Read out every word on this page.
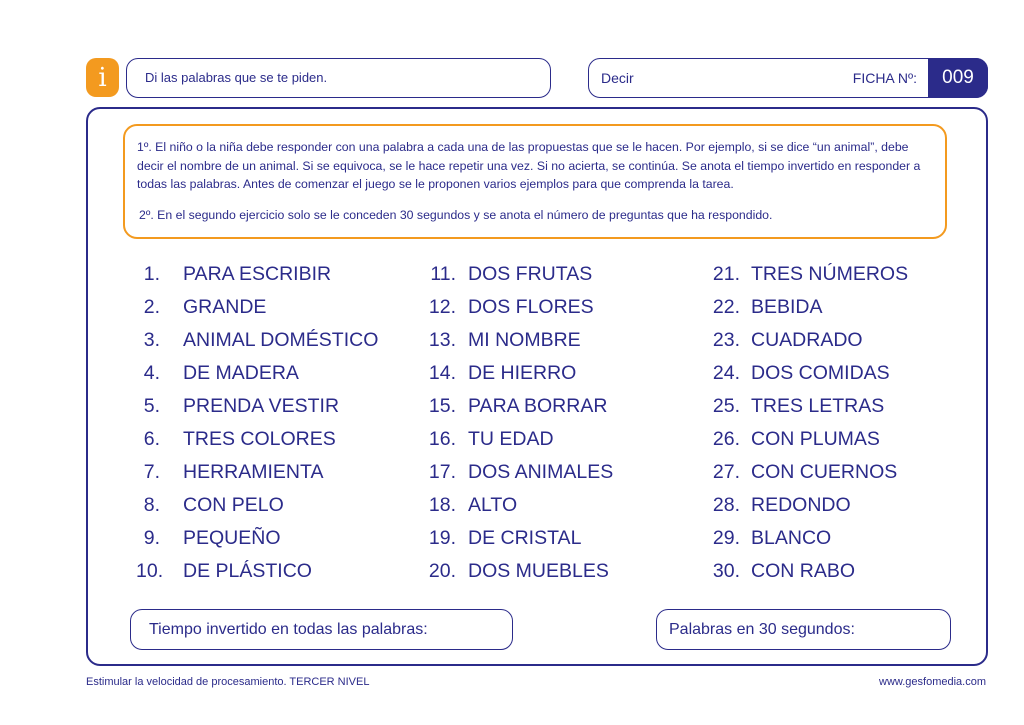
i	Di las palabras que se te piden.	Decir	FICHA Nº:	009
1º. El niño o la niña debe responder con una palabra a cada una de las propuestas que se le hacen. Por ejemplo, si se dice “un animal”, debe decir el nombre de un animal. Si se equivoca, se le hace repetir una vez. Si no acierta, se continúa. Se anota el tiempo invertido en responder a todas las palabras. Antes de comenzar el juego se le proponen varios ejemplos para que comprenda la tarea.
2º. En el segundo ejercicio solo se le conceden 30 segundos y se anota el número de preguntas que ha respondido.
1. PARA ESCRIBIR
2. GRANDE
3. ANIMAL DOMÉSTICO
4. DE MADERA
5. PRENDA VESTIR
6. TRES COLORES
7. HERRAMIENTA
8. CON PELO
9. PEQUEÑO
10. DE PLÁSTICO
11. DOS FRUTAS
12. DOS FLORES
13. MI NOMBRE
14. DE HIERRO
15. PARA BORRAR
16. TU EDAD
17. DOS ANIMALES
18. ALTO
19. DE CRISTAL
20. DOS MUEBLES
21. TRES NÚMEROS
22. BEBIDA
23. CUADRADO
24. DOS COMIDAS
25. TRES LETRAS
26. CON PLUMAS
27. CON CUERNOS
28. REDONDO
29. BLANCO
30. CON RABO
Tiempo invertido en todas las palabras:	Palabras en 30 segundos:
Estimular la velocidad de procesamiento. TERCER NIVEL	www.gesfomedia.com
